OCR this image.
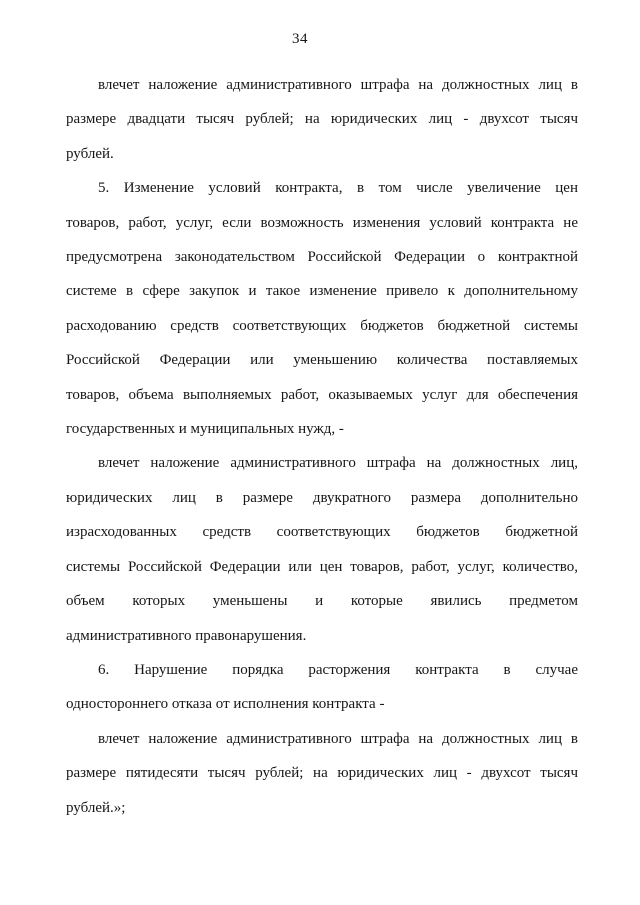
34
влечет наложение административного штрафа на должностных лиц в
размере двадцати тысяч рублей; на юридических лиц - двухсот тысяч
рублей.
5. Изменение условий контракта, в том числе увеличение цен
товаров, работ, услуг, если возможность изменения условий контракта не
предусмотрена законодательством Российской Федерации о контрактной
системе в сфере закупок и такое изменение привело к дополнительному
расходованию средств соответствующих бюджетов бюджетной системы
Российской Федерации или уменьшению количества поставляемых
товаров, объема выполняемых работ, оказываемых услуг для обеспечения
государственных и муниципальных нужд, -
влечет наложение административного штрафа на должностных лиц,
юридических лиц в размере двукратного размера дополнительно
израсходованных средств соответствующих бюджетов бюджетной
системы Российской Федерации или цен товаров, работ, услуг, количество,
объем которых уменьшены и которые явились предметом
административного правонарушения.
6. Нарушение порядка расторжения контракта в случае
одностороннего отказа от исполнения контракта -
влечет наложение административного штрафа на должностных лиц в
размере пятидесяти тысяч рублей; на юридических лиц - двухсот тысяч
рублей.»;
